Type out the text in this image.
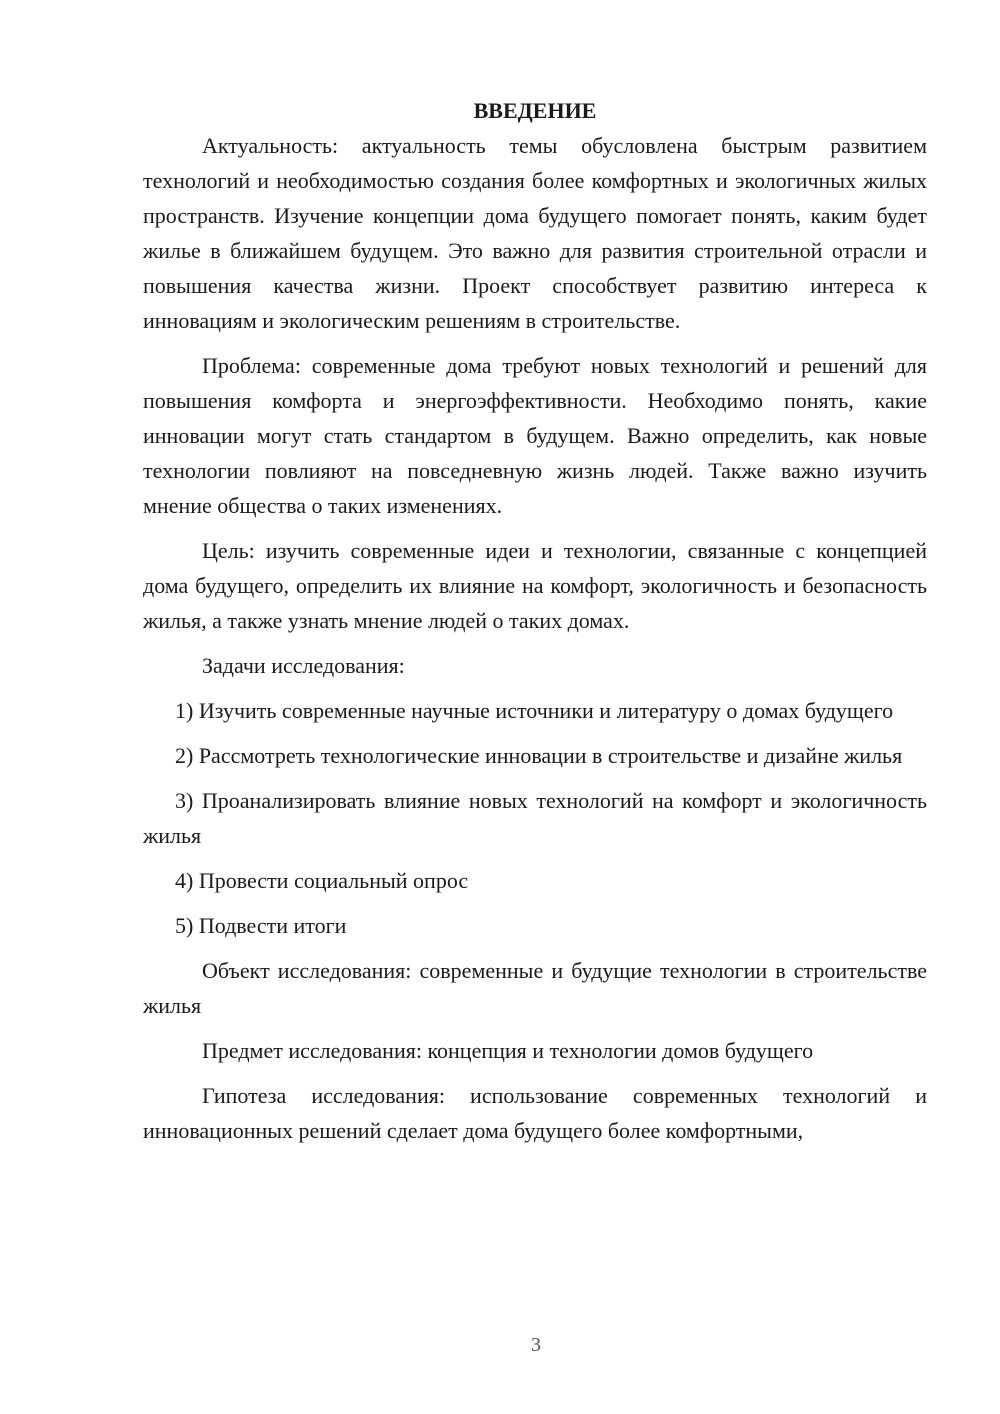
ВВЕДЕНИЕ

Актуальность: актуальность темы обусловлена быстрым развитием технологий и необходимостью создания более комфортных и экологичных жилых пространств. Изучение концепции дома будущего помогает понять, каким будет жилье в ближайшем будущем. Это важно для развития строительной отрасли и повышения качества жизни. Проект способствует развитию интереса к инновациям и экологическим решениям в строительстве.

Проблема: современные дома требуют новых технологий и решений для повышения комфорта и энергоэффективности. Необходимо понять, какие инновации могут стать стандартом в будущем. Важно определить, как новые технологии повлияют на повседневную жизнь людей. Также важно изучить мнение общества о таких изменениях.

Цель: изучить современные идеи и технологии, связанные с концепцией дома будущего, определить их влияние на комфорт, экологичность и безопасность жилья, а также узнать мнение людей о таких домах.

Задачи исследования:

1) Изучить современные научные источники и литературу о домах будущего

2) Рассмотреть технологические инновации в строительстве и дизайне жилья

3) Проанализировать влияние новых технологий на комфорт и экологичность жилья

4) Провести социальный опрос

5) Подвести итоги

Объект исследования: современные и будущие технологии в строительстве жилья

Предмет исследования: концепция и технологии домов будущего

Гипотеза исследования: использование современных технологий и инновационных решений сделает дома будущего более комфортными,

3
